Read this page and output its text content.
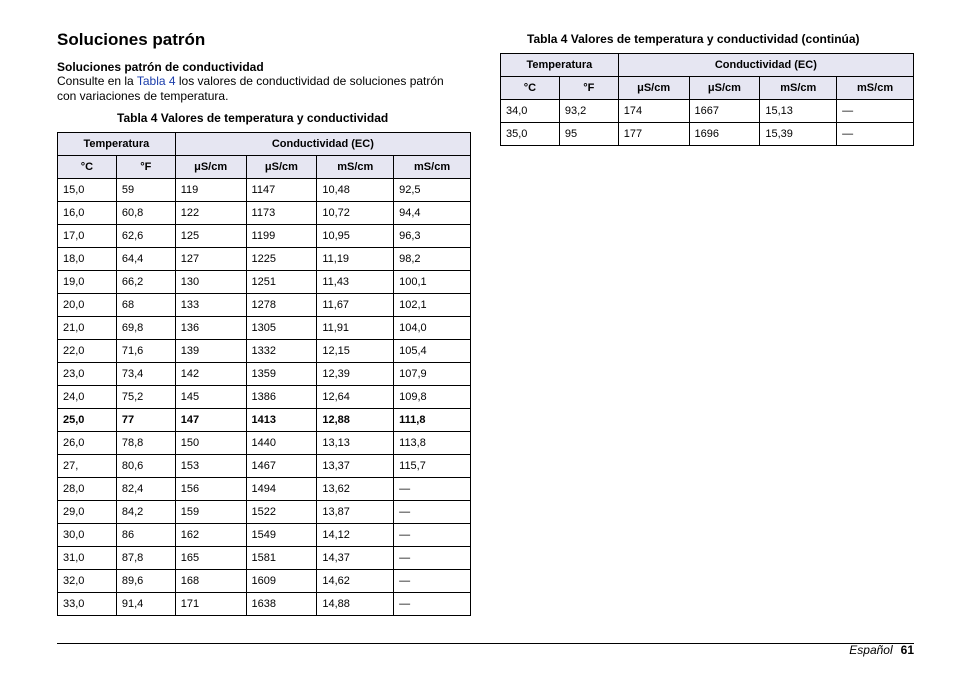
Soluciones patrón
Soluciones patrón de conductividad

Consulte en la Tabla 4 los valores de conductividad de soluciones patrón con variaciones de temperatura.

Tabla 4 Valores de temperatura y conductividad

Temperatura		Conductividad (EC)			
°C	°F	μS/cm	μS/cm	mS/cm	mS/cm
15,0	59	119	1147	10,48	92,5
16,0	60,8	122	1173	10,72	94,4
17,0	62,6	125	1199	10,95	96,3
18,0	64,4	127	1225	11,19	98,2
19,0	66,2	130	1251	11,43	100,1
20,0	68	133	1278	11,67	102,1
21,0	69,8	136	1305	11,91	104,0
22,0	71,6	139	1332	12,15	105,4
23,0	73,4	142	1359	12,39	107,9
24,0	75,2	145	1386	12,64	109,8
25,0	77	147	1413	12,88	111,8
26,0	78,8	150	1440	13,13	113,8
27,	80,6	153	1467	13,37	115,7
28,0	82,4	156	1494	13,62	—
29,0	84,2	159	1522	13,87	—
30,0	86	162	1549	14,12	—
31,0	87,8	165	1581	14,37	—
32,0	89,6	168	1609	14,62	—
33,0	91,4	171	1638	14,88	—

Tabla 4 Valores de temperatura y conductividad (continúa)

Temperatura		Conductividad (EC)			
°C	°F	μS/cm	μS/cm	mS/cm	mS/cm
34,0	93,2	174	1667	15,13	—
35,0	95	177	1696	15,39	—
Español 61
